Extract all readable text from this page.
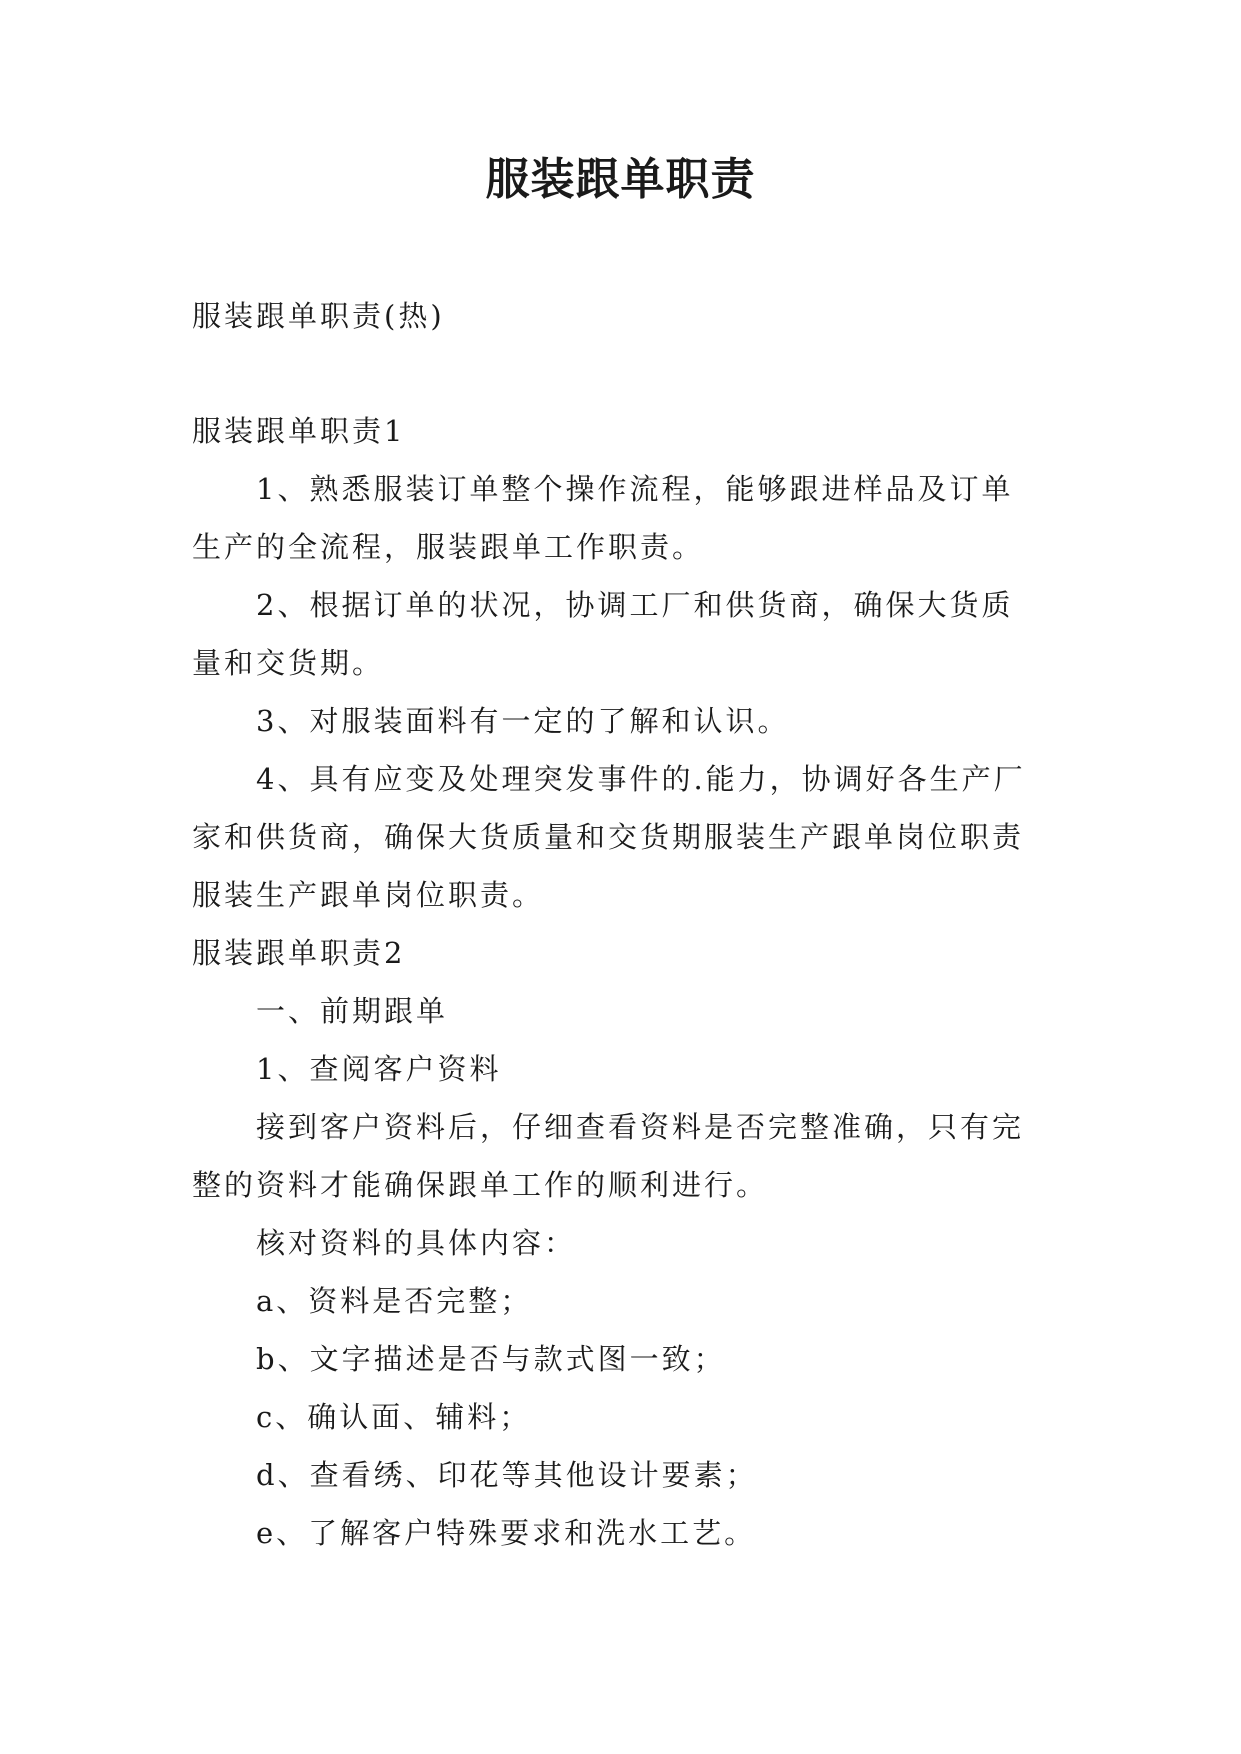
服装跟单职责
服装跟单职责(热)
服装跟单职责1
1、熟悉服装订单整个操作流程，能够跟进样品及订单
生产的全流程，服装跟单工作职责。
2、根据订单的状况，协调工厂和供货商，确保大货质
量和交货期。
3、对服装面料有一定的了解和认识。
4、具有应变及处理突发事件的.能力，协调好各生产厂
家和供货商，确保大货质量和交货期服装生产跟单岗位职责
服装生产跟单岗位职责。
服装跟单职责2
一、前期跟单
1、查阅客户资料
接到客户资料后，仔细查看资料是否完整准确，只有完
整的资料才能确保跟单工作的顺利进行。
核对资料的具体内容：
a、资料是否完整；
b、文字描述是否与款式图一致；
c、确认面、辅料；
d、查看绣、印花等其他设计要素；
e、了解客户特殊要求和洗水工艺。
